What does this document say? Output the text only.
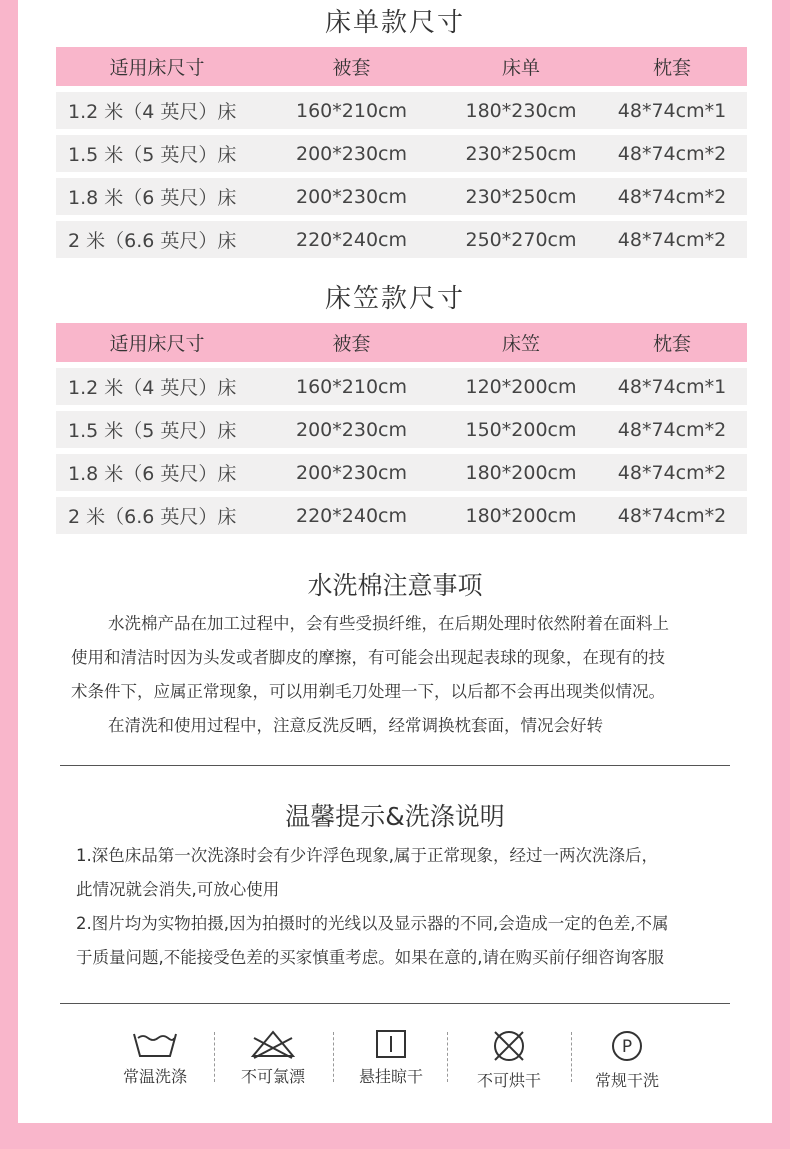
床单款尺寸
适用床尺寸	被套	床单	枕套
1.2 米（4 英尺）床	160*210cm	180*230cm	48*74cm*1
1.5 米（5 英尺）床	200*230cm	230*250cm	48*74cm*2
1.8 米（6 英尺）床	200*230cm	230*250cm	48*74cm*2
2 米（6.6 英尺）床	220*240cm	250*270cm	48*74cm*2
床笠款尺寸
适用床尺寸	被套	床笠	枕套
1.2 米（4 英尺）床	160*210cm	120*200cm	48*74cm*1
1.5 米（5 英尺）床	200*230cm	150*200cm	48*74cm*2
1.8 米（6 英尺）床	200*230cm	180*200cm	48*74cm*2
2 米（6.6 英尺）床	220*240cm	180*200cm	48*74cm*2
水洗棉注意事项
水洗棉产品在加工过程中，会有些受损纤维，在后期处理时依然附着在面料上
使用和清洁时因为头发或者脚皮的摩擦，有可能会出现起表球的现象，在现有的技
术条件下，应属正常现象，可以用剃毛刀处理一下，以后都不会再出现类似情况。
在清洗和使用过程中，注意反洗反晒，经常调换枕套面，情况会好转
温馨提示&洗涤说明
1.深色床品第一次洗涤时会有少许浮色现象,属于正常现象，经过一两次洗涤后，
此情况就会消失,可放心使用
2.图片均为实物拍摄,因为拍摄时的光线以及显示器的不同,会造成一定的色差,不属
于质量问题,不能接受色差的买家慎重考虑。如果在意的,请在购买前仔细咨询客服
常温洗涤	不可氯漂	悬挂晾干	不可烘干
P
常规干洗
